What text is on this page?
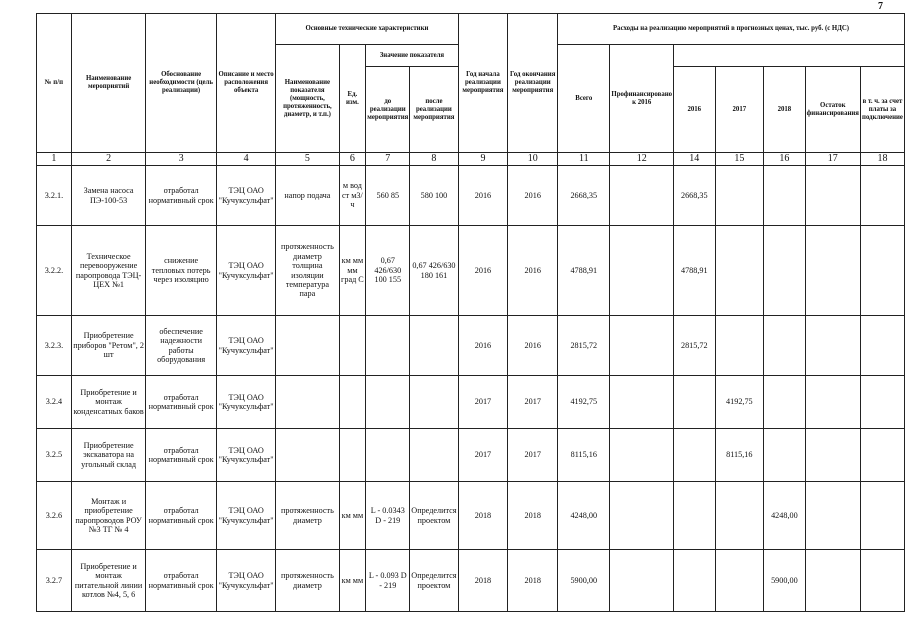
7
№ п/п	Наименование мероприятий	Обоснование необходимости (цель реализации)	Описание и место расположения объекта	Основные технические характеристики				Год начала реализации мероприятия	Год окончания реализации мероприятия	Расходы на реализацию мероприятий в прогнозных ценах, тыс. руб. (с НДС)						
				Наименование показателя (мощность, протяженность, диаметр, и т.п.)	Ед. изм.	Значение показателя				Всего	Профинансировано к 2016					
						до реализации мероприятия	после реализации мероприятия					2016	2017	2018	Остаток финансирования	в т. ч. за счет платы за подключение
1	2	3	4	5	6	7	8	9	10	11	12	14	15	16	17	18
3.2.1.	Замена насоса ПЭ-100-53	отработал нормативный срок	ТЭЦ ОАО "Кучуксульфат"	напор подача	м вод ст м3/ч	560 85	580 100	2016	2016	2668,35		2668,35				
3.2.2.	Техническое перевооружение паропровода ТЭЦ-ЦЕХ №1	снижение тепловых потерь через изоляцию	ТЭЦ ОАО "Кучуксульфат"	протяженность диаметр толщина изоляции температура пара	км мм мм град С	0,67 426/630 100 155	0,67 426/630 180 161	2016	2016	4788,91		4788,91				
3.2.3.	Приобретение приборов "Ретом", 2 шт	обеспечение надежности работы оборудования	ТЭЦ ОАО "Кучуксульфат"					2016	2016	2815,72		2815,72				
3.2.4	Приобретение и монтаж конденсатных баков	отработал нормативный срок	ТЭЦ ОАО "Кучуксульфат"					2017	2017	4192,75			4192,75			
3.2.5	Приобретение экскаватора на угольный склад	отработал нормативный срок	ТЭЦ ОАО "Кучуксульфат"					2017	2017	8115,16			8115,16			
3.2.6	Монтаж и приобретение паропроводов РОУ №3 ТГ № 4	отработал нормативный срок	ТЭЦ ОАО "Кучуксульфат"	протяженность диаметр	км мм	L - 0.0343 D - 219	Определится проектом	2018	2018	4248,00				4248,00		
3.2.7	Приобретение и монтаж питательной линии котлов №4, 5, 6	отработал нормативный срок	ТЭЦ ОАО "Кучуксульфат"	протяженность диаметр	км мм	L - 0.093 D - 219	Определится проектом	2018	2018	5900,00				5900,00		
